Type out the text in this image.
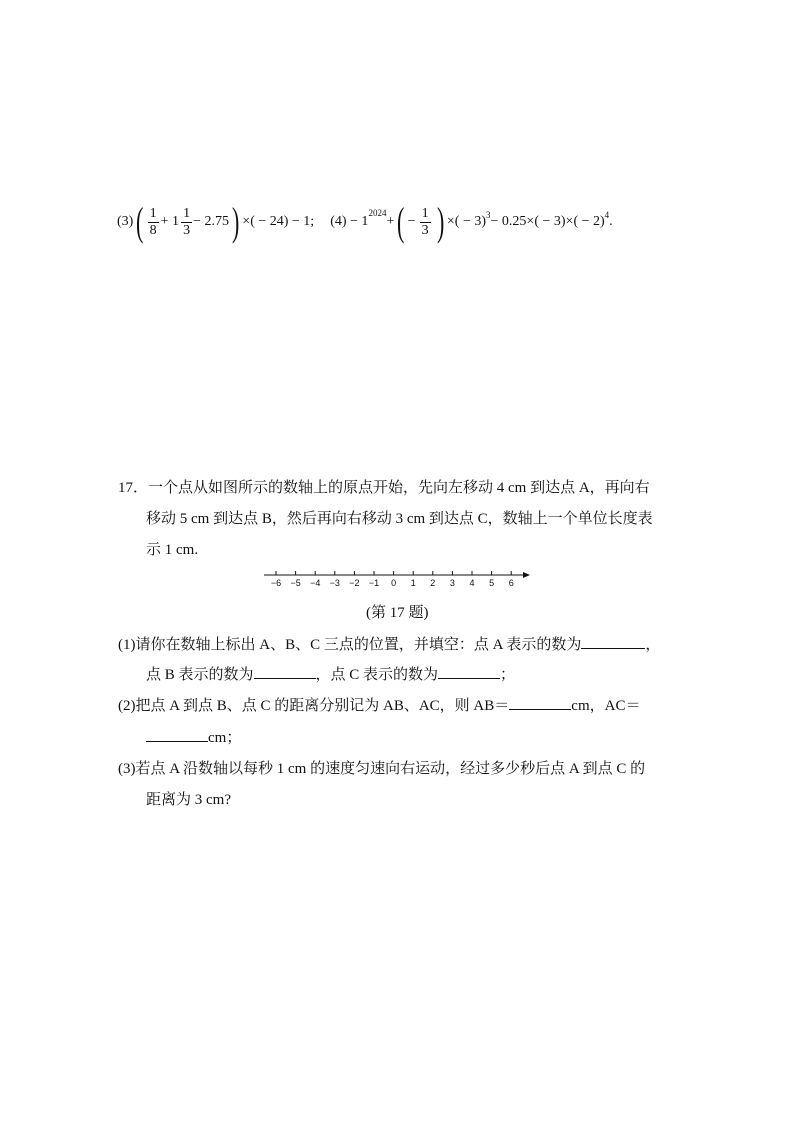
(3) ( $\frac{1}{8} + 1 \frac{1}{3} - 2.75$ ) ×( − 24) − 1; (4) − 1
$^{2024}$
+ ( − $\frac{1}{3}$ ) ×( − $3)^3 - 0.25\times( - 3)\times( - 2)^4$ .
17．一个点从如图所示的数轴上的原点开始，先向左移动 4 cm 到达点 A，再向右
移动 5 cm 到达点 B，然后再向右移动 3 cm 到达点 C，数轴上一个单位长度表
示 1 cm.
−6 −5 −4 −3 −2 −1 0 1 2 3 4 5 6
(第 17 题)
(1)请你在数轴上标出 A、B、C 三点的位置，并填空：点 A 表示的数为	，
点 B 表示的数为	，点 C 表示的数为	；
(2)把点 A 到点 B、点 C 的距离分别记为 AB、AC，则 AB＝	cm，AC＝
cm；
(3)若点 A 沿数轴以每秒 1 cm 的速度匀速向右运动，经过多少秒后点 A 到点 C 的
距离为 3 cm?
